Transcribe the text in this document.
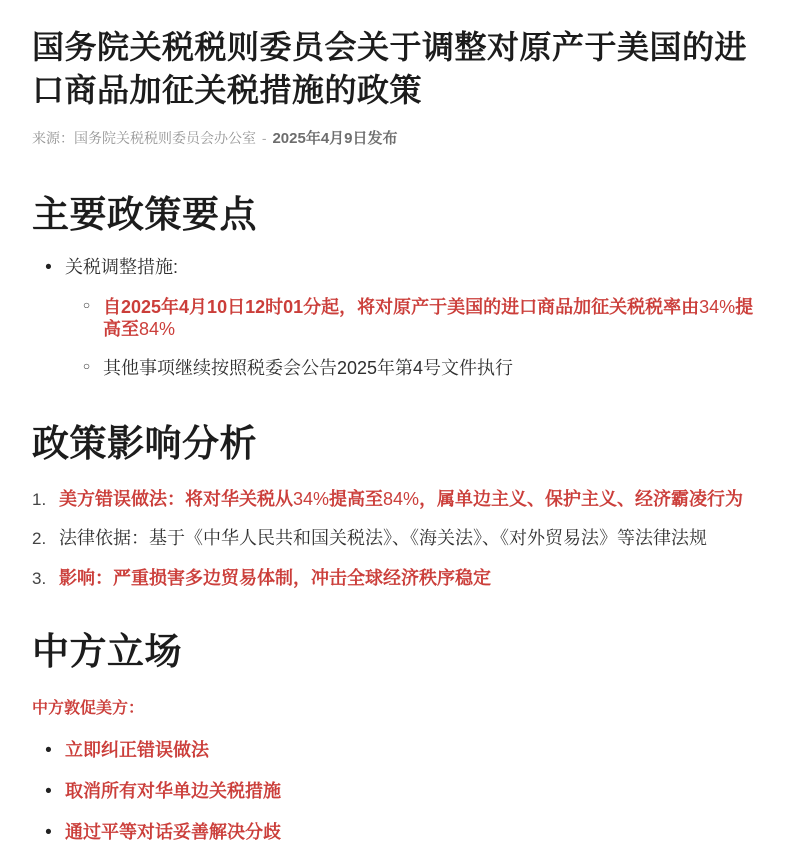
国务院关税税则委员会关于调整对原产于美国的进口商品加征关税措施的政策

来源：国务院关税税则委员会办公室 - 2025年4月9日发布

主要政策要点
• 关税调整措施:
○ 自2025年4月10日12时01分起，将对原产于美国的进口商品加征关税税率由34%提高至84%
○ 其他事项继续按照税委会公告2025年第4号文件执行
政策影响分析
1. 美方错误做法：将对华关税从34%提高至84%，属单边主义、保护主义、经济霸凌行为
2. 法律依据：基于《中华人民共和国关税法》、《海关法》、《对外贸易法》等法律法规
3. 影响：严重损害多边贸易体制，冲击全球经济秩序稳定
中方立场

中方敦促美方：

• 立即纠正错误做法
• 取消所有对华单边关税措施
• 通过平等对话妥善解决分歧
